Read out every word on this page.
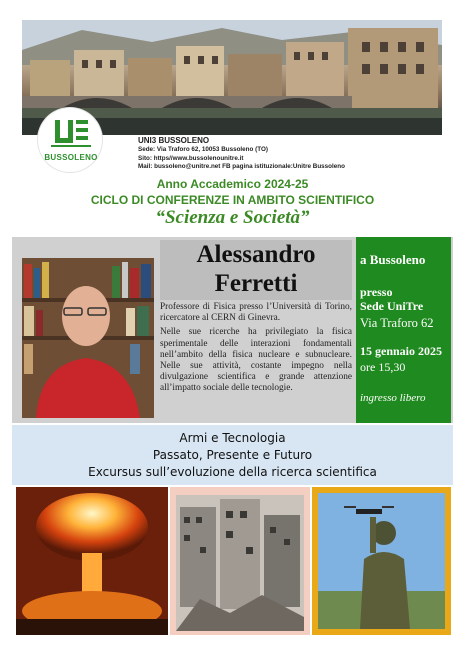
BUSSOLENO
UNI3 BUSSOLENO
Sede: Via Traforo 62, 10053 Bussoleno (TO)
Sito: https//www.bussolenounitre.it
Mail: bussoleno@unitre.net FB pagina istituzionale:Unitre Bussoleno
Anno Accademico 2024-25
CICLO DI CONFERENZE IN AMBITO SCIENTIFICO
“Scienza e Società”
Alessandro
Ferretti

Professore di Fisica presso l’Università di Torino, ricercatore al CERN di Ginevra.

Nelle sue ricerche ha privilegiato la fisica sperimentale delle interazioni fondamentali nell’ambito della fisica nucleare e subnucleare. Nelle sue attività, costante impegno nella divulgazione scientifica e grande attenzione all’impatto sociale delle tecnologie.

a Bussoleno
presso
Sede UniTre
Via Traforo 62
15 gennaio 2025
ore 15,30
ingresso libero
Armi e Tecnologia
Passato, Presente e Futuro
Excursus sull’evoluzione della ricerca scientifica
